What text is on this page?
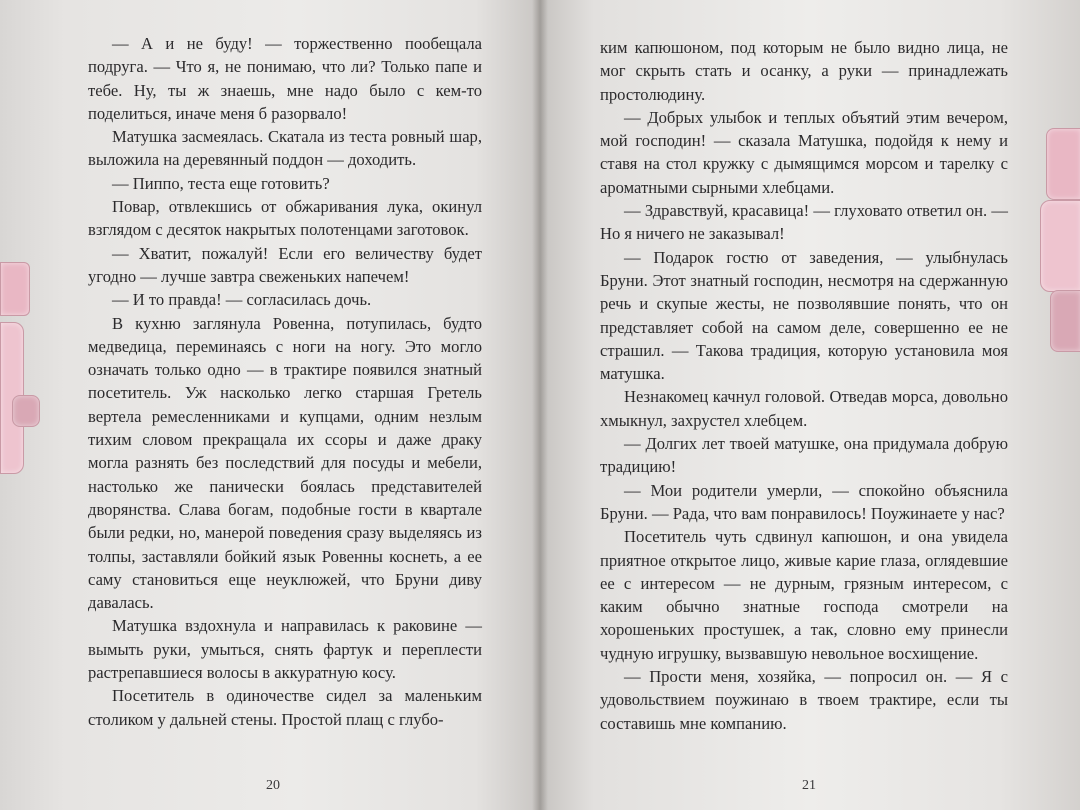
— А и не буду! — торжественно пообещала подруга. — Что я, не понимаю, что ли? Только папе и тебе. Ну, ты ж знаешь, мне надо было с кем-то поделиться, иначе меня б разорвало!

Матушка засмеялась. Скатала из теста ровный шар, выложила на деревянный поддон — доходить.

— Пиппо, теста еще готовить?

Повар, отвлекшись от обжаривания лука, окинул взглядом с десяток накрытых полотенцами заготовок.

— Хватит, пожалуй! Если его величеству будет угодно — лучше завтра свеженьких напечем!

— И то правда! — согласилась дочь.

В кухню заглянула Ровенна, потупилась, будто медведица, переминаясь с ноги на ногу. Это могло означать только одно — в трактире появился знатный посетитель. Уж насколько легко старшая Гретель вертела ремесленниками и купцами, одним незлым тихим словом прекращала их ссоры и даже драку могла разнять без последствий для посуды и мебели, настолько же панически боялась представителей дворянства. Слава богам, подобные гости в квартале были редки, но, манерой поведения сразу выделяясь из толпы, заставляли бойкий язык Ровенны коснеть, а ее саму становиться еще неуклюжей, что Бруни диву давалась.

Матушка вздохнула и направилась к раковине — вымыть руки, умыться, снять фартук и переплести растрепавшиеся волосы в аккуратную косу.

Посетитель в одиночестве сидел за маленьким столиком у дальней стены. Простой плащ с глубо-

20

ким капюшоном, под которым не было видно лица, не мог скрыть стать и осанку, а руки — принадлежать простолюдину.

— Добрых улыбок и теплых объятий этим вечером, мой господин! — сказала Матушка, подойдя к нему и ставя на стол кружку с дымящимся морсом и тарелку с ароматными сырными хлебцами.

— Здравствуй, красавица! — глуховато ответил он. — Но я ничего не заказывал!

— Подарок гостю от заведения, — улыбнулась Бруни. Этот знатный господин, несмотря на сдержанную речь и скупые жесты, не позволявшие понять, что он представляет собой на самом деле, совершенно ее не страшил. — Такова традиция, которую установила моя матушка.

Незнакомец качнул головой. Отведав морса, довольно хмыкнул, захрустел хлебцем.

— Долгих лет твоей матушке, она придумала добрую традицию!

— Мои родители умерли, — спокойно объяснила Бруни. — Рада, что вам понравилось! Поужинаете у нас?

Посетитель чуть сдвинул капюшон, и она увидела приятное открытое лицо, живые карие глаза, оглядевшие ее с интересом — не дурным, грязным интересом, с каким обычно знатные господа смотрели на хорошеньких простушек, а так, словно ему принесли чудную игрушку, вызвавшую невольное восхищение.

— Прости меня, хозяйка, — попросил он. — Я с удовольствием поужинаю в твоем трактире, если ты составишь мне компанию.

21
